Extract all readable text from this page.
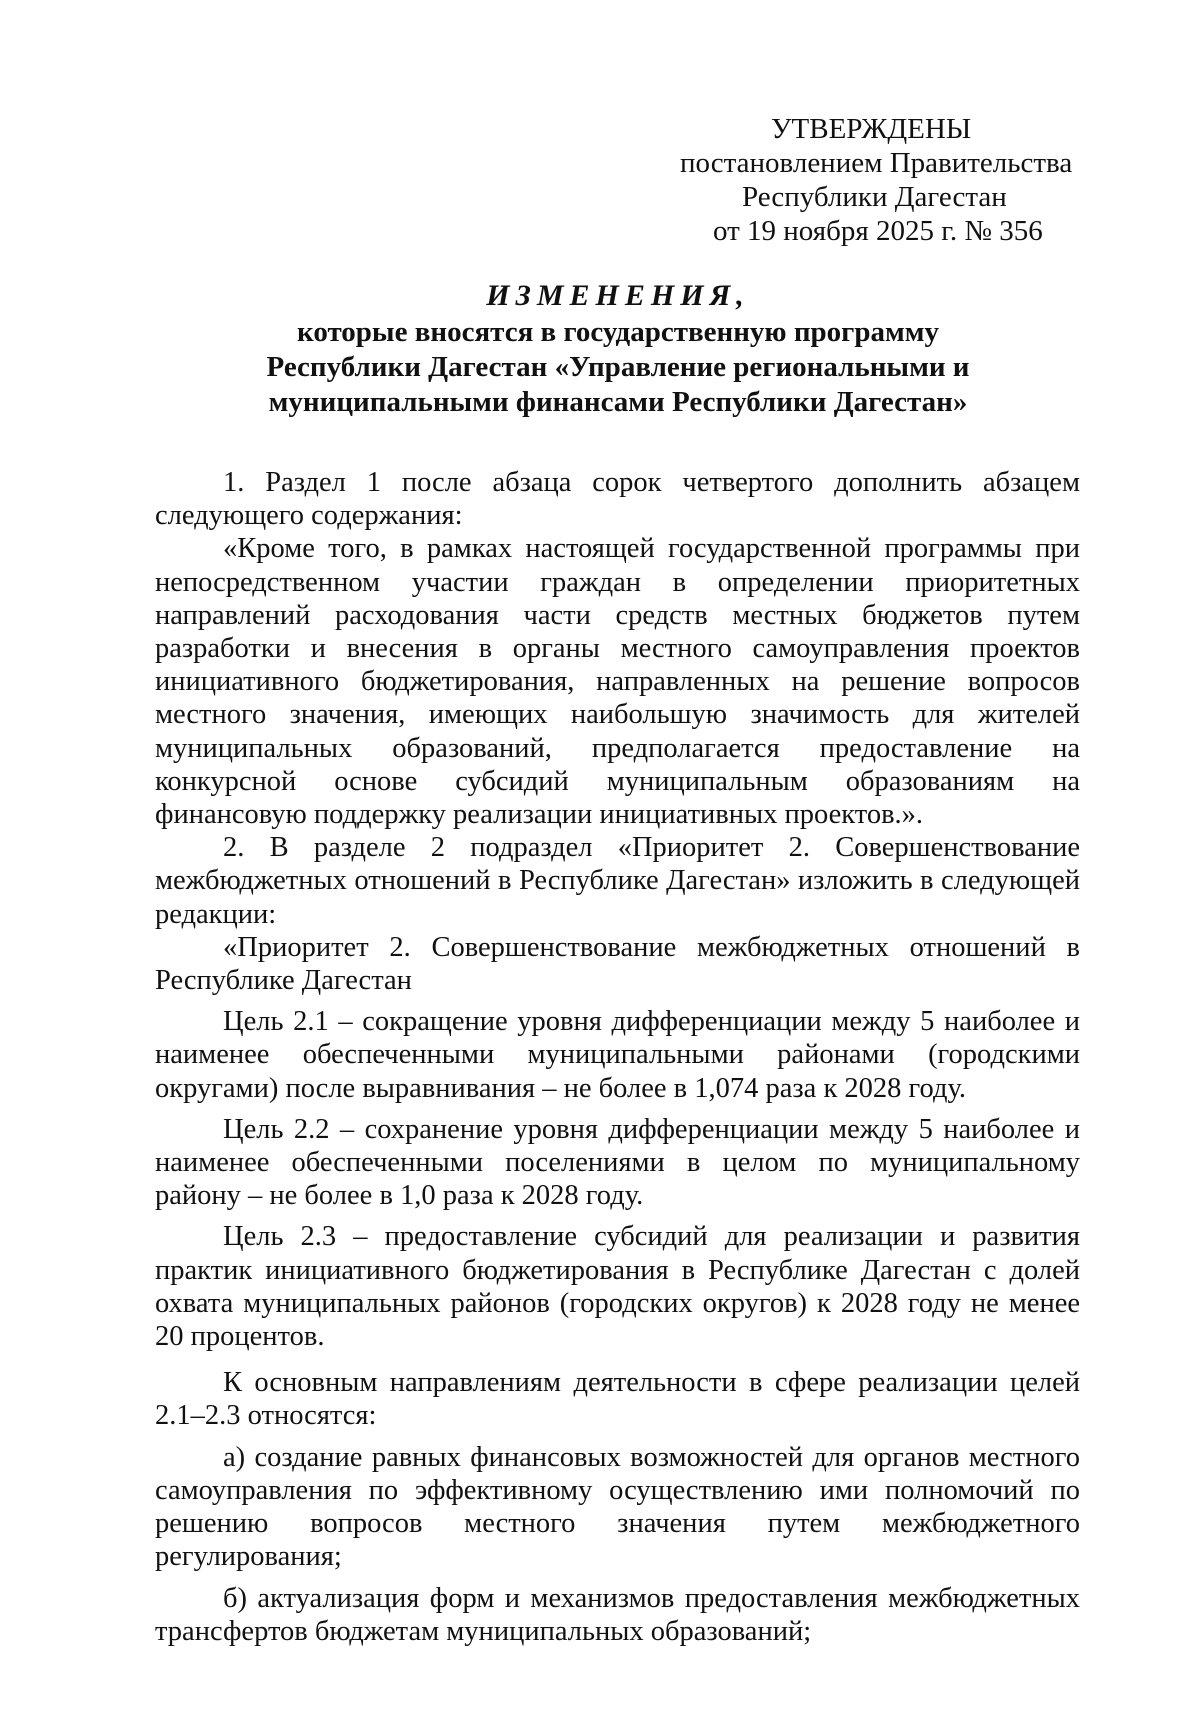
УТВЕРЖДЕНЫ
постановлением Правительства
Республики Дагестан
от 19 ноября 2025 г. № 356
ИЗМЕНЕНИЯ,
которые вносятся в государственную программу
Республики Дагестан «Управление региональными и
муниципальными финансами Республики Дагестан»

1. Раздел 1 после абзаца сорок четвертого дополнить абзацем следующего содержания:

«Кроме того, в рамках настоящей государственной программы при непосредственном участии граждан в определении приоритетных направлений расходования части средств местных бюджетов путем разработки и внесения в органы местного самоуправления проектов инициативного бюджетирования, направленных на решение вопросов местного значения, имеющих наибольшую значимость для жителей муниципальных образований, предполагается предоставление на конкурсной основе субсидий муниципальным образованиям на финансовую поддержку реализации инициативных проектов.».

2. В разделе 2 подраздел «Приоритет 2. Совершенствование межбюджетных отношений в Республике Дагестан» изложить в следующей редакции:

«Приоритет 2. Совершенствование межбюджетных отношений в Республике Дагестан

Цель 2.1 – сокращение уровня дифференциации между 5 наиболее и наименее обеспеченными муниципальными районами (городскими округами) после выравнивания – не более в 1,074 раза к 2028 году.

Цель 2.2 – сохранение уровня дифференциации между 5 наиболее и наименее обеспеченными поселениями в целом по муниципальному району – не более в 1,0 раза к 2028 году.

Цель 2.3 – предоставление субсидий для реализации и развития практик инициативного бюджетирования в Республике Дагестан с долей охвата муниципальных районов (городских округов) к 2028 году не менее 20 процентов.

К основным направлениям деятельности в сфере реализации целей 2.1–2.3 относятся:

а) создание равных финансовых возможностей для органов местного самоуправления по эффективному осуществлению ими полномочий по решению вопросов местного значения путем межбюджетного регулирования;

б) актуализация форм и механизмов предоставления межбюджетных трансфертов бюджетам муниципальных образований;
